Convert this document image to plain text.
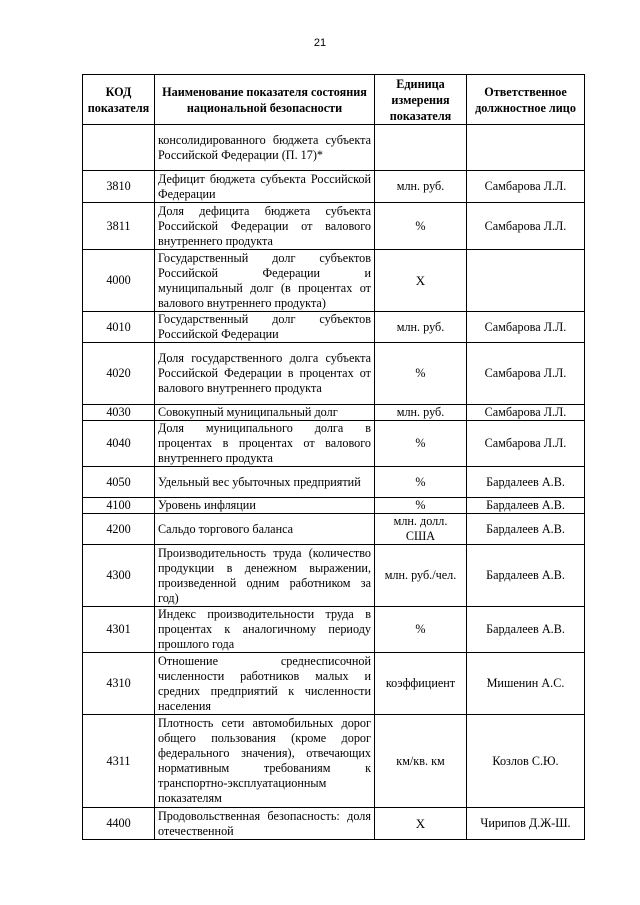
21
КОД показателя	Наименование показателя состояния национальной безопасности	Единица измерения показателя	Ответственное должностное лицо
	консолидированного бюджета субъекта Российской Федерации (П. 17)*		
3810	Дефицит бюджета субъекта Российской Федерации	млн. руб.	Самбарова Л.Л.
3811	Доля дефицита бюджета субъекта Российской Федерации от валового внутреннего продукта	%	Самбарова Л.Л.
4000	Государственный долг субъектов Российской Федерации и муниципальный долг (в процентах от валового внутреннего продукта)	Х	
4010	Государственный долг субъектов Российской Федерации	млн. руб.	Самбарова Л.Л.
4020	Доля государственного долга субъекта Российской Федерации в процентах от валового внутреннего продукта	%	Самбарова Л.Л.
4030	Совокупный муниципальный долг	млн. руб.	Самбарова Л.Л.
4040	Доля муниципального долга в процентах в процентах от валового внутреннего продукта	%	Самбарова Л.Л.
4050	Удельный вес убыточных предприятий	%	Бардалеев А.В.
4100	Уровень инфляции	%	Бардалеев А.В.
4200	Сальдо торгового баланса	млн. долл. США	Бардалеев А.В.
4300	Производительность труда (количество продукции в денежном выражении, произведенной одним работником за год)	млн. руб./чел.	Бардалеев А.В.
4301	Индекс производительности труда в процентах к аналогичному периоду прошлого года	%	Бардалеев А.В.
4310	Отношение среднесписочной численности работников малых и средних предприятий к численности населения	коэффициент	Мишенин А.С.
4311	Плотность сети автомобильных дорог общего пользования (кроме дорог федерального значения), отвечающих нормативным требованиям к транспортно-эксплуатационным показателям	км/кв. км	Козлов С.Ю.
4400	Продовольственная безопасность: доля отечественной	Х	Чирипов Д.Ж-Ш.
